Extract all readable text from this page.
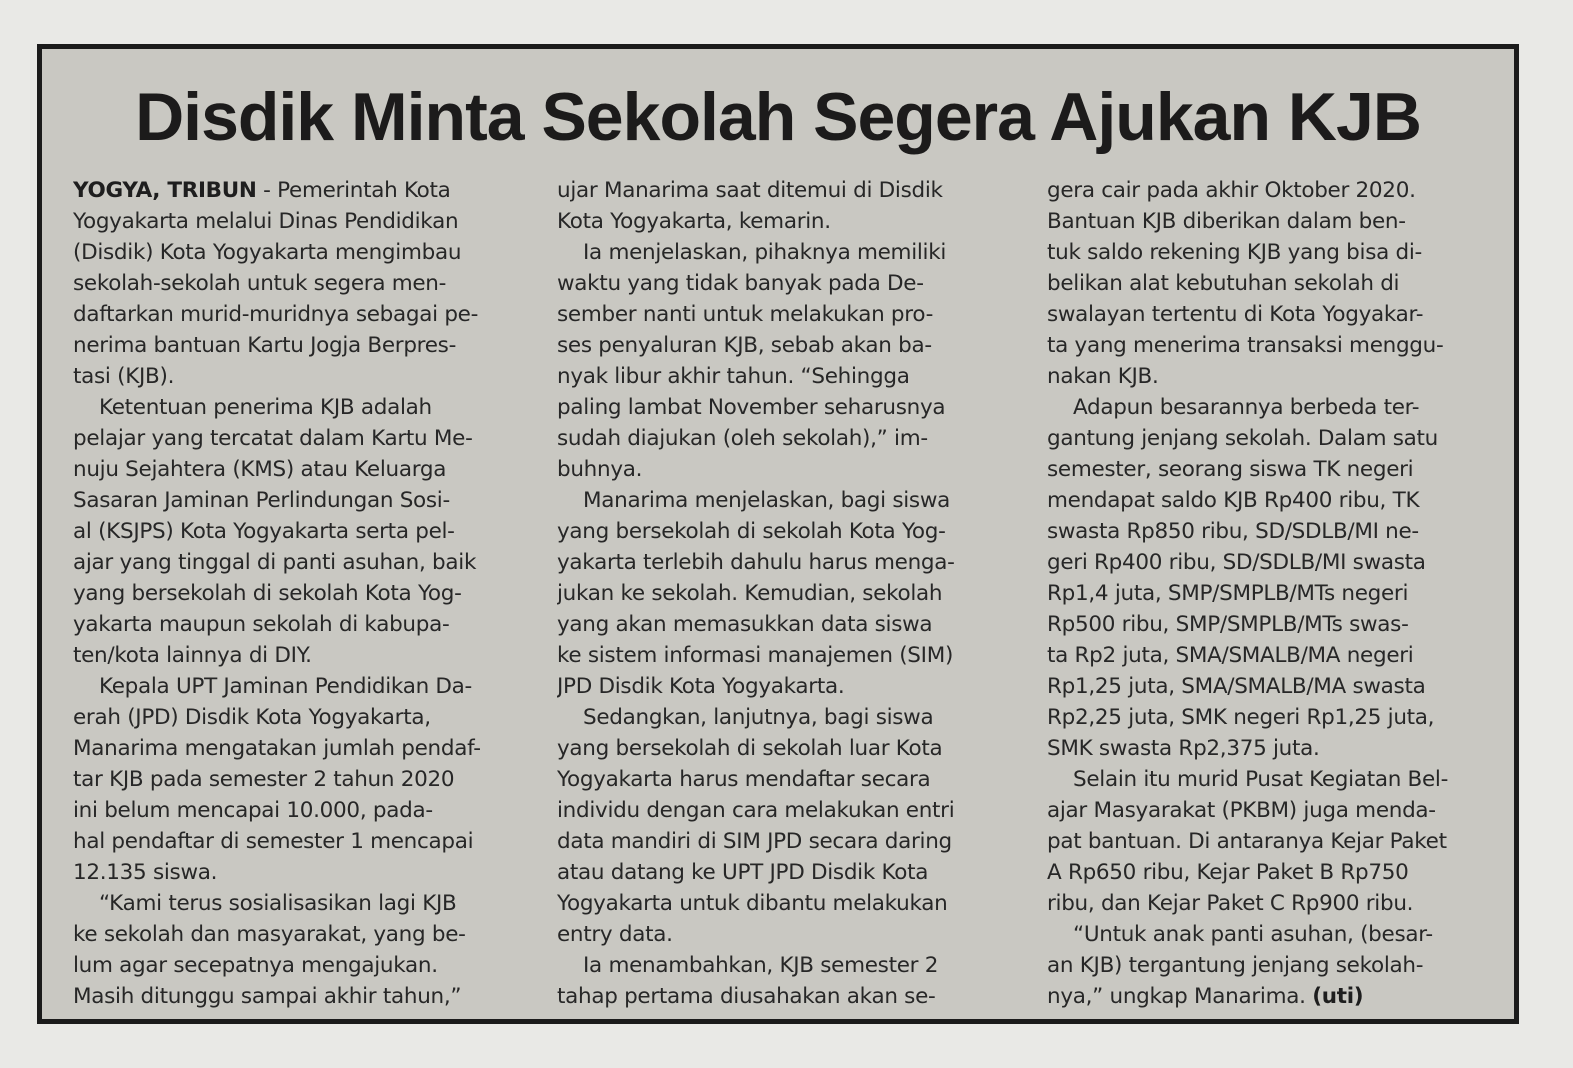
Disdik Minta Sekolah Segera Ajukan KJB

YOGYA, TRIBUN - Pemerintah Kota

Yogyakarta melalui Dinas Pendidikan

(Disdik) Kota Yogyakarta mengimbau

sekolah-sekolah untuk segera men-

daftarkan murid-muridnya sebagai pe-

nerima bantuan Kartu Jogja Berpres-

tasi (KJB).

Ketentuan penerima KJB adalah

pelajar yang tercatat dalam Kartu Me-

nuju Sejahtera (KMS) atau Keluarga

Sasaran Jaminan Perlindungan Sosi-

al (KSJPS) Kota Yogyakarta serta pel-

ajar yang tinggal di panti asuhan, baik

yang bersekolah di sekolah Kota Yog-

yakarta maupun sekolah di kabupa-

ten/kota lainnya di DIY.

Kepala UPT Jaminan Pendidikan Da-

erah (JPD) Disdik Kota Yogyakarta,

Manarima mengatakan jumlah pendaf-

tar KJB pada semester 2 tahun 2020

ini belum mencapai 10.000, pada-

hal pendaftar di semester 1 mencapai

12.135 siswa.

“Kami terus sosialisasikan lagi KJB

ke sekolah dan masyarakat, yang be-

lum agar secepatnya mengajukan.

Masih ditunggu sampai akhir tahun,”

ujar Manarima saat ditemui di Disdik

Kota Yogyakarta, kemarin.

Ia menjelaskan, pihaknya memiliki

waktu yang tidak banyak pada De-

sember nanti untuk melakukan pro-

ses penyaluran KJB, sebab akan ba-

nyak libur akhir tahun. “Sehingga

paling lambat November seharusnya

sudah diajukan (oleh sekolah),” im-

buhnya.

Manarima menjelaskan, bagi siswa

yang bersekolah di sekolah Kota Yog-

yakarta terlebih dahulu harus menga-

jukan ke sekolah. Kemudian, sekolah

yang akan memasukkan data siswa

ke sistem informasi manajemen (SIM)

JPD Disdik Kota Yogyakarta.

Sedangkan, lanjutnya, bagi siswa

yang bersekolah di sekolah luar Kota

Yogyakarta harus mendaftar secara

individu dengan cara melakukan entri

data mandiri di SIM JPD secara daring

atau datang ke UPT JPD Disdik Kota

Yogyakarta untuk dibantu melakukan

entry data.

Ia menambahkan, KJB semester 2

tahap pertama diusahakan akan se-

gera cair pada akhir Oktober 2020.

Bantuan KJB diberikan dalam ben-

tuk saldo rekening KJB yang bisa di-

belikan alat kebutuhan sekolah di

swalayan tertentu di Kota Yogyakar-

ta yang menerima transaksi menggu-

nakan KJB.

Adapun besarannya berbeda ter-

gantung jenjang sekolah. Dalam satu

semester, seorang siswa TK negeri

mendapat saldo KJB Rp400 ribu, TK

swasta Rp850 ribu, SD/SDLB/MI ne-

geri Rp400 ribu, SD/SDLB/MI swasta

Rp1,4 juta, SMP/SMPLB/MTs negeri

Rp500 ribu, SMP/SMPLB/MTs swas-

ta Rp2 juta, SMA/SMALB/MA negeri

Rp1,25 juta, SMA/SMALB/MA swasta

Rp2,25 juta, SMK negeri Rp1,25 juta,

SMK swasta Rp2,375 juta.

Selain itu murid Pusat Kegiatan Bel-

ajar Masyarakat (PKBM) juga menda-

pat bantuan. Di antaranya Kejar Paket

A Rp650 ribu, Kejar Paket B Rp750

ribu, dan Kejar Paket C Rp900 ribu.

“Untuk anak panti asuhan, (besar-

an KJB) tergantung jenjang sekolah-

nya,” ungkap Manarima. (uti)
